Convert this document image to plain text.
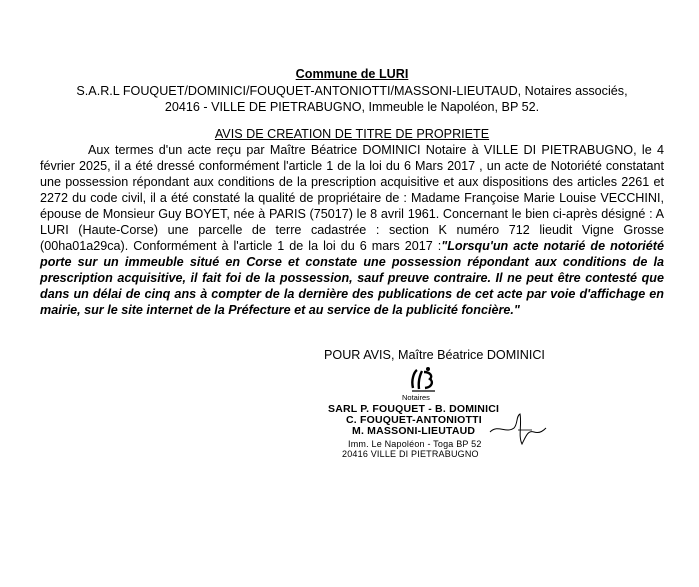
Commune de LURI

S.A.R.L FOUQUET/DOMINICI/FOUQUET-ANTONIOTTI/MASSONI-LIEUTAUD, Notaires associés,
20416 - VILLE DE PIETRABUGNO, Immeuble le Napoléon, BP 52.

AVIS DE CREATION DE TITRE DE PROPRIETE

Aux termes d'un acte reçu par Maître Béatrice DOMINICI Notaire à VILLE DI PIETRABUGNO, le 4 février 2025, il a été dressé conformément l'article 1 de la loi du 6 Mars 2017 , un acte de Notoriété constatant une possession répondant aux conditions de la prescription acquisitive et aux dispositions des articles 2261 et 2272 du code civil, il a été constaté la qualité de propriétaire de : Madame Françoise Marie Louise VECCHINI, épouse de Monsieur Guy BOYET, née à PARIS (75017) le 8 avril 1961. Concernant le bien ci-après désigné : A LURI (Haute-Corse) une parcelle de terre cadastrée : section K numéro 712 lieudit Vigne Grosse (00ha01a29ca). Conformément à l'article 1 de la loi du 6 mars 2017 :"Lorsqu'un acte notarié de notoriété porte sur un immeuble situé en Corse et constate une possession répondant aux conditions de la prescription acquisitive, il fait foi de la possession, sauf preuve contraire. Il ne peut être contesté que dans un délai de cinq ans à compter de la dernière des publications de cet acte par voie d'affichage en mairie, sur le site internet de la Préfecture et au service de la publicité foncière."

POUR AVIS, Maître Béatrice DOMINICI
Notaires
SARL P. FOUQUET - B. DOMINICI
C. FOUQUET-ANTONIOTTI
M. MASSONI-LIEUTAUD
Imm. Le Napoléon - Toga BP 52
20416 VILLE DI PIETRABUGNO
